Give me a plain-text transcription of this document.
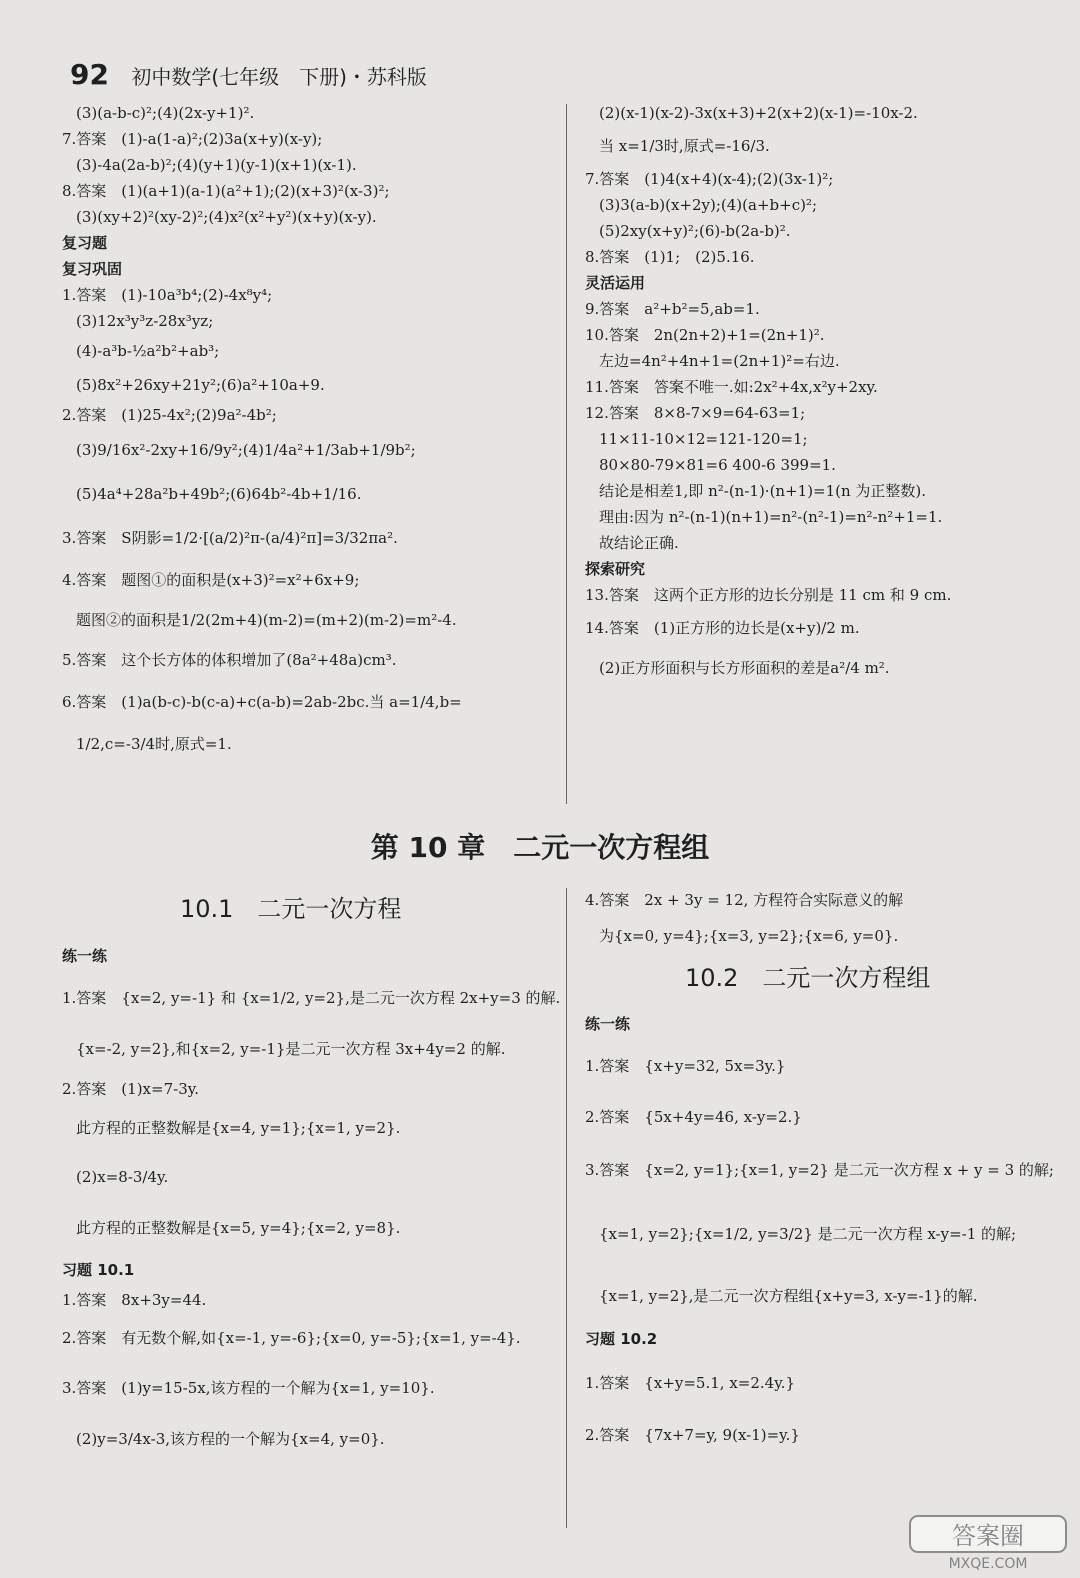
92 初中数学(七年级　下册)・苏科版
(3)(a-b-c)²;(4)(2x-y+1)².
7.答案　(1)-a(1-a)²;(2)3a(x+y)(x-y);
(3)-4a(2a-b)²;(4)(y+1)(y-1)(x+1)(x-1).
8.答案　(1)(a+1)(a-1)(a²+1);(2)(x+3)²(x-3)²;
(3)(xy+2)²(xy-2)²;(4)x²(x²+y²)(x+y)(x-y).
复习题
复习巩固
1.答案　(1)-10a³b⁴;(2)-4x⁸y⁴;
(3)12x³y³z-28x³yz;
(4)-a³b-½a²b²+ab³;
(5)8x²+26xy+21y²;(6)a²+10a+9.
2.答案　(1)25-4x²;(2)9a²-4b²;
(3)9/16x²-2xy+16/9y²;(4)1/4a²+1/3ab+1/9b²;
(5)4a⁴+28a²b+49b²;(6)64b²-4b+1/16.
3.答案　S阴影=1/2·[(a/2)²π-(a/4)²π]=3/32πa².
4.答案　题图①的面积是(x+3)²=x²+6x+9;
题图②的面积是1/2(2m+4)(m-2)=(m+2)(m-2)=m²-4.
5.答案　这个长方体的体积增加了(8a²+48a)cm³.
6.答案　(1)a(b-c)-b(c-a)+c(a-b)=2ab-2bc.当 a=1/4,b=
1/2,c=-3/4时,原式=1.
(2)(x-1)(x-2)-3x(x+3)+2(x+2)(x-1)=-10x-2.
当 x=1/3时,原式=-16/3.
7.答案　(1)4(x+4)(x-4);(2)(3x-1)²;
(3)3(a-b)(x+2y);(4)(a+b+c)²;
(5)2xy(x+y)²;(6)-b(2a-b)².
8.答案　(1)1;　(2)5.16.
灵活运用
9.答案　a²+b²=5,ab=1.
10.答案　2n(2n+2)+1=(2n+1)².
左边=4n²+4n+1=(2n+1)²=右边.
11.答案　答案不唯一.如:2x²+4x,x²y+2xy.
12.答案　8×8-7×9=64-63=1;
11×11-10×12=121-120=1;
80×80-79×81=6 400-6 399=1.
结论是相差1,即 n²-(n-1)·(n+1)=1(n 为正整数).
理由:因为 n²-(n-1)(n+1)=n²-(n²-1)=n²-n²+1=1.
故结论正确.
探索研究
13.答案　这两个正方形的边长分别是 11 cm 和 9 cm.
14.答案　(1)正方形的边长是(x+y)/2 m.
(2)正方形面积与长方形面积的差是a²/4 m².
第 10 章　二元一次方程组
10.1　二元一次方程
练一练
1.答案　{x=2, y=-1} 和 {x=1/2, y=2},是二元一次方程 2x+y=3 的解.
{x=-2, y=2},和{x=2, y=-1}是二元一次方程 3x+4y=2 的解.
2.答案　(1)x=7-3y.
此方程的正整数解是{x=4, y=1};{x=1, y=2}.
(2)x=8-3/4y.
此方程的正整数解是{x=5, y=4};{x=2, y=8}.
习题 10.1
1.答案　8x+3y=44.
2.答案　有无数个解,如{x=-1, y=-6};{x=0, y=-5};{x=1, y=-4}.
3.答案　(1)y=15-5x,该方程的一个解为{x=1, y=10}.
(2)y=3/4x-3,该方程的一个解为{x=4, y=0}.
4.答案　2x + 3y = 12, 方程符合实际意义的解
为{x=0, y=4};{x=3, y=2};{x=6, y=0}.
10.2　二元一次方程组
练一练
1.答案　{x+y=32, 5x=3y.}
2.答案　{5x+4y=46, x-y=2.}
3.答案　{x=2, y=1};{x=1, y=2} 是二元一次方程 x + y = 3 的解;
{x=1, y=2};{x=1/2, y=3/2} 是二元一次方程 x-y=-1 的解;
{x=1, y=2},是二元一次方程组{x+y=3, x-y=-1}的解.
习题 10.2
1.答案　{x+y=5.1, x=2.4y.}
2.答案　{7x+7=y, 9(x-1)=y.}
答案圈
MXQE.COM
